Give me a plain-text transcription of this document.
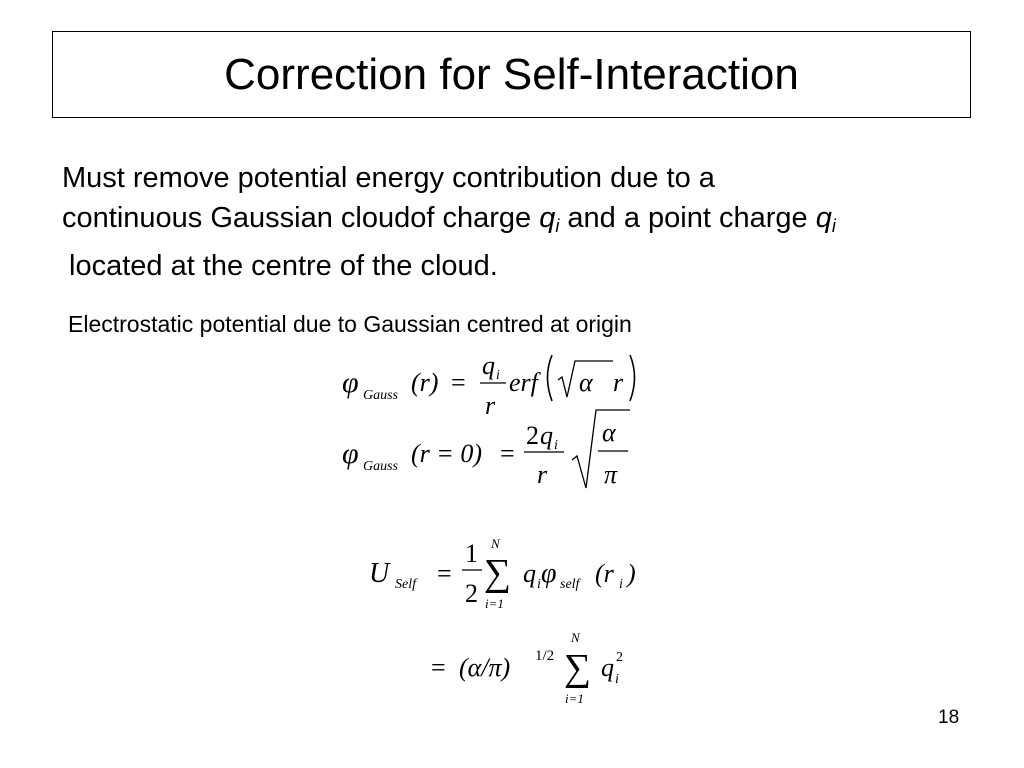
Correction for Self-Interaction
Must remove potential energy contribution due to a
continuous Gaussian cloudof charge $q_i$ and a point charge $q_i$
located at the centre of the cloud.
Electrostatic potential due to Gaussian centred at origin
φ Gauss (r) =
q i
r
erf α r
φ Gauss (r = 0) =
2 q i
r
α
π
U Self =
1
2
N
∑
i=1
q i φ self (r i )
= (α/π) 1/2
N
∑
i=1
q 2
i
18
